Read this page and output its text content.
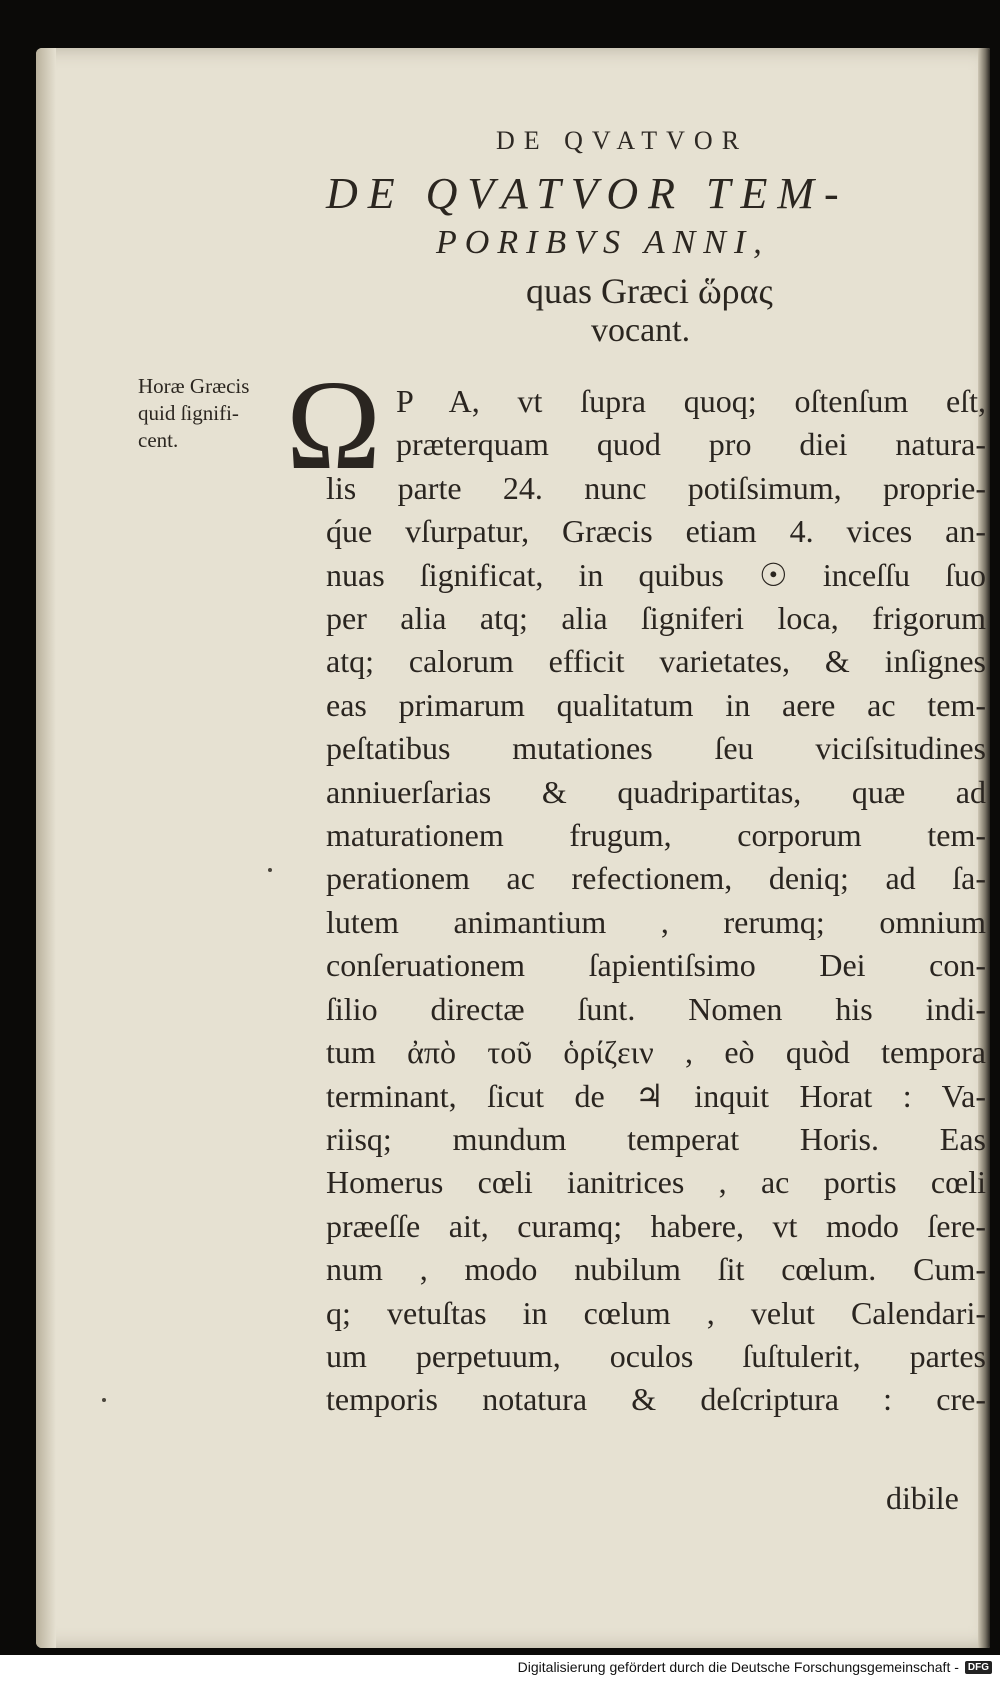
DE QVATVOR
DE QVATVOR TEM-
PORIBVS ANNI,
quas Græci ὥρας
vocant.
Horæ Græcis
quid ſignifi-
cent. Ω P A, vt ſupra quoq; oſtenſum eſt,
præterquam quod pro diei natura-
lis parte 24. nunc potiſsimum, proprie-
q́ue vſurpatur, Græcis etiam 4. vices an-
nuas ſignificat, in quibus ☉ inceſſu ſuo
per alia atq; alia ſigniferi loca, frigorum
atq; calorum efficit varietates, & inſignes
eas primarum qualitatum in aere ac tem-
peſtatibus mutationes ſeu viciſsitudines
anniuerſarias & quadripartitas, quæ ad
maturationem frugum, corporum tem-
perationem ac refectionem, deniq; ad ſa-
lutem animantium , rerumq; omnium
conſeruationem ſapientiſsimo Dei con-
ſilio directæ ſunt. Nomen his indi-
tum ἀπὸ τοῦ ὁρίζειν , eò quòd tempora
terminant, ſicut de ♃ inquit Horat : Va-
riisq; mundum temperat Horis. Eas
Homerus cœli ianitrices , ac portis cœli
præeſſe ait, curamq; habere, vt modo ſere-
num , modo nubilum ſit cœlum. Cum-
q; vetuſtas in cœlum , velut Calendari-
um perpetuum, oculos ſuſtulerit, partes
temporis notatura & deſcriptura : cre-
dibile
Digitalisierung gefördert durch die Deutsche Forschungsgemeinschaft - DFG
